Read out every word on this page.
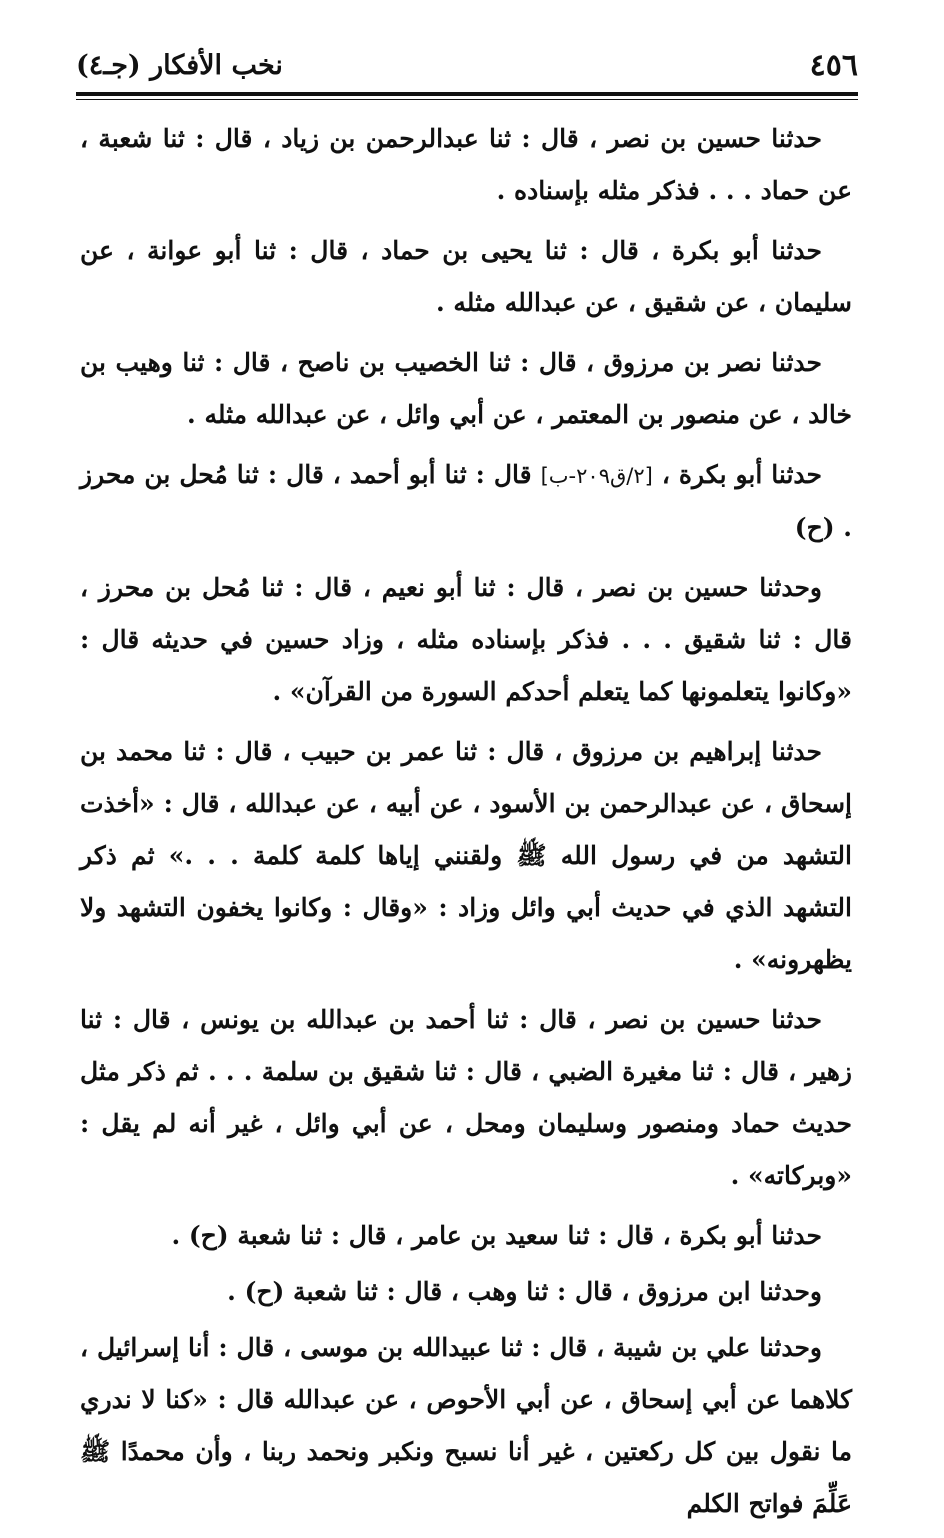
٤٥٦
نخب الأفكار (جـ٤)

حدثنا حسين بن نصر ، قال : ثنا عبدالرحمن بن زياد ، قال : ثنا شعبة ، عن حماد . . . فذكر مثله بإسناده .

حدثنا أبو بكرة ، قال : ثنا يحيى بن حماد ، قال : ثنا أبو عوانة ، عن سليمان ، عن شقيق ، عن عبدالله مثله .

حدثنا نصر بن مرزوق ، قال : ثنا الخصيب بن ناصح ، قال : ثنا وهيب بن خالد ، عن منصور بن المعتمر ، عن أبي وائل ، عن عبدالله مثله .

حدثنا أبو بكرة ، [٢/ق٢٠٩-ب] قال : ثنا أبو أحمد ، قال : ثنا مُحل بن محرز . (ح)

وحدثنا حسين بن نصر ، قال : ثنا أبو نعيم ، قال : ثنا مُحل بن محرز ، قال : ثنا شقيق . . . فذكر بإسناده مثله ، وزاد حسين في حديثه قال : «وكانوا يتعلمونها كما يتعلم أحدكم السورة من القرآن» .

حدثنا إبراهيم بن مرزوق ، قال : ثنا عمر بن حبيب ، قال : ثنا محمد بن إسحاق ، عن عبدالرحمن بن الأسود ، عن أبيه ، عن عبدالله ، قال : «أخذت التشهد من في رسول الله ﷺ ولقنني إياها كلمة كلمة . . .» ثم ذكر التشهد الذي في حديث أبي وائل وزاد : «وقال : وكانوا يخفون التشهد ولا يظهرونه» .

حدثنا حسين بن نصر ، قال : ثنا أحمد بن عبدالله بن يونس ، قال : ثنا زهير ، قال : ثنا مغيرة الضبي ، قال : ثنا شقيق بن سلمة . . . ثم ذكر مثل حديث حماد ومنصور وسليمان ومحل ، عن أبي وائل ، غير أنه لم يقل : «وبركاته» .

حدثنا أبو بكرة ، قال : ثنا سعيد بن عامر ، قال : ثنا شعبة (ح) .

وحدثنا ابن مرزوق ، قال : ثنا وهب ، قال : ثنا شعبة (ح) .

وحدثنا علي بن شيبة ، قال : ثنا عبيدالله بن موسى ، قال : أنا إسرائيل ، كلاهما عن أبي إسحاق ، عن أبي الأحوص ، عن عبدالله قال : «كنا لا ندري ما نقول بين كل ركعتين ، غير أنا نسبح ونكبر ونحمد ربنا ، وأن محمدًا ﷺ عَلِّمَ فواتح الكلم
